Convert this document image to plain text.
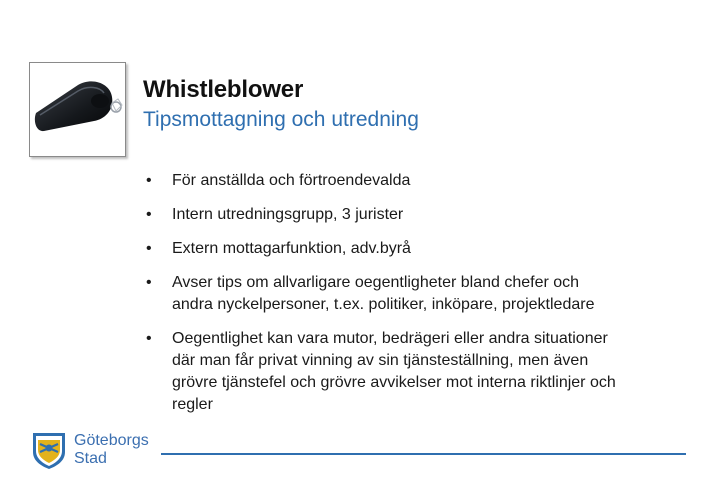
Whistleblower
Tipsmottagning och utredning
• För anställda och förtroendevalda
• Intern utredningsgrupp, 3 jurister
• Extern mottagarfunktion, adv.byrå
• Avser tips om allvarligare oegentligheter bland chefer och andra nyckelpersoner, t.ex. politiker, inköpare, projektledare
• Oegentlighet kan vara mutor, bedrägeri eller andra situationer där man får privat vinning av sin tjänsteställning, men även grövre tjänstefel och grövre avvikelser mot interna riktlinjer och regler
Göteborgs
Stad
